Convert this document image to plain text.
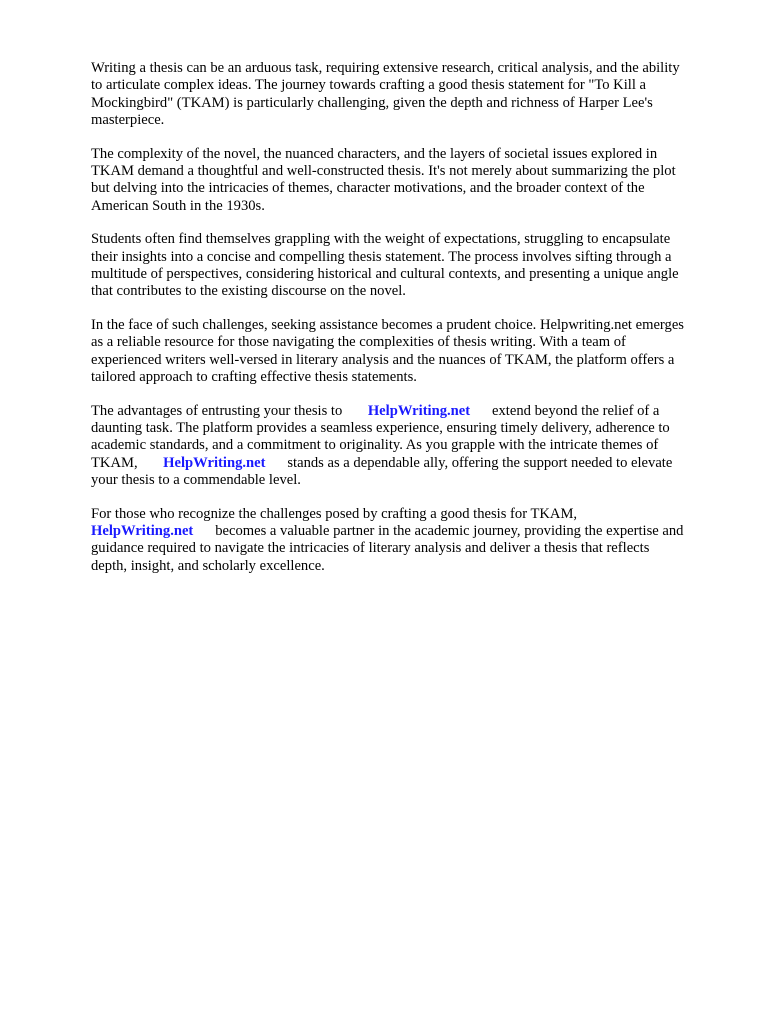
Writing a thesis can be an arduous task, requiring extensive research, critical analysis, and the ability
to articulate complex ideas. The journey towards crafting a good thesis statement for "To Kill a
Mockingbird" (TKAM) is particularly challenging, given the depth and richness of Harper Lee's
masterpiece.
The complexity of the novel, the nuanced characters, and the layers of societal issues explored in
TKAM demand a thoughtful and well-constructed thesis. It's not merely about summarizing the plot
but delving into the intricacies of themes, character motivations, and the broader context of the
American South in the 1930s.
Students often find themselves grappling with the weight of expectations, struggling to encapsulate
their insights into a concise and compelling thesis statement. The process involves sifting through a
multitude of perspectives, considering historical and cultural contexts, and presenting a unique angle
that contributes to the existing discourse on the novel.
In the face of such challenges, seeking assistance becomes a prudent choice. Helpwriting.net emerges
as a reliable resource for those navigating the complexities of thesis writing. With a team of
experienced writers well-versed in literary analysis and the nuances of TKAM, the platform offers a
tailored approach to crafting effective thesis statements.
The advantages of entrusting your thesis to       HelpWriting.net      extend beyond the relief of a
daunting task. The platform provides a seamless experience, ensuring timely delivery, adherence to
academic standards, and a commitment to originality. As you grapple with the intricate themes of
TKAM,       HelpWriting.net      stands as a dependable ally, offering the support needed to elevate
your thesis to a commendable level.
For those who recognize the challenges posed by crafting a good thesis for TKAM,
HelpWriting.net      becomes a valuable partner in the academic journey, providing the expertise and
guidance required to navigate the intricacies of literary analysis and deliver a thesis that reflects
depth, insight, and scholarly excellence.
